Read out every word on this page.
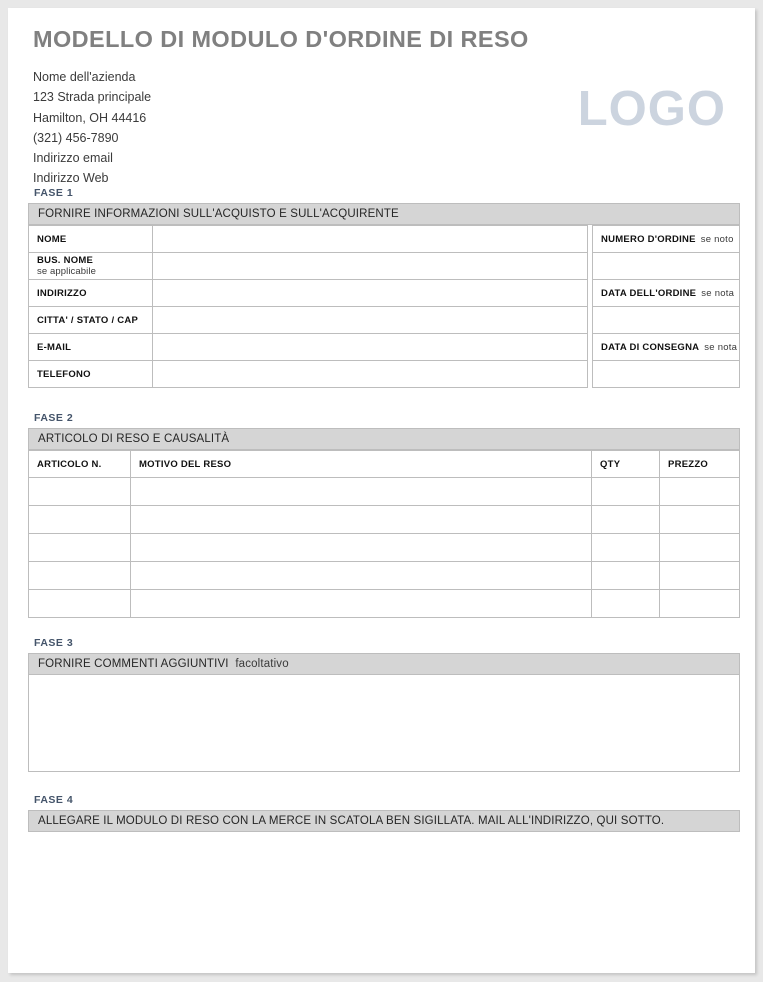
MODELLO DI MODULO D'ORDINE DI RESO
Nome dell'azienda
123 Strada principale
Hamilton, OH 44416
(321) 456-7890
Indirizzo email
Indirizzo Web
LOGO
FASE 1
FORNIRE INFORMAZIONI SULL'ACQUISTO E SULL'ACQUIRENTE
NOME	
BUS. NOME
se applicabile	

INDIRIZZO	
CITTA' / STATO / CAP	
E-MAIL	
TELEFONO	
NUMERO D'ORDINE se noto

DATA DELL'ORDINE se nota

DATA DI CONSEGNA se nota

FASE 2
ARTICOLO DI RESO E CAUSALITÀ
ARTICOLO N.	MOTIVO DEL RESO	QTY	PREZZO

FASE 3
FORNIRE COMMENTI AGGIUNTIVI facoltativo
FASE 4
ALLEGARE IL MODULO DI RESO CON LA MERCE IN SCATOLA BEN SIGILLATA. MAIL ALL'INDIRIZZO, QUI SOTTO.
